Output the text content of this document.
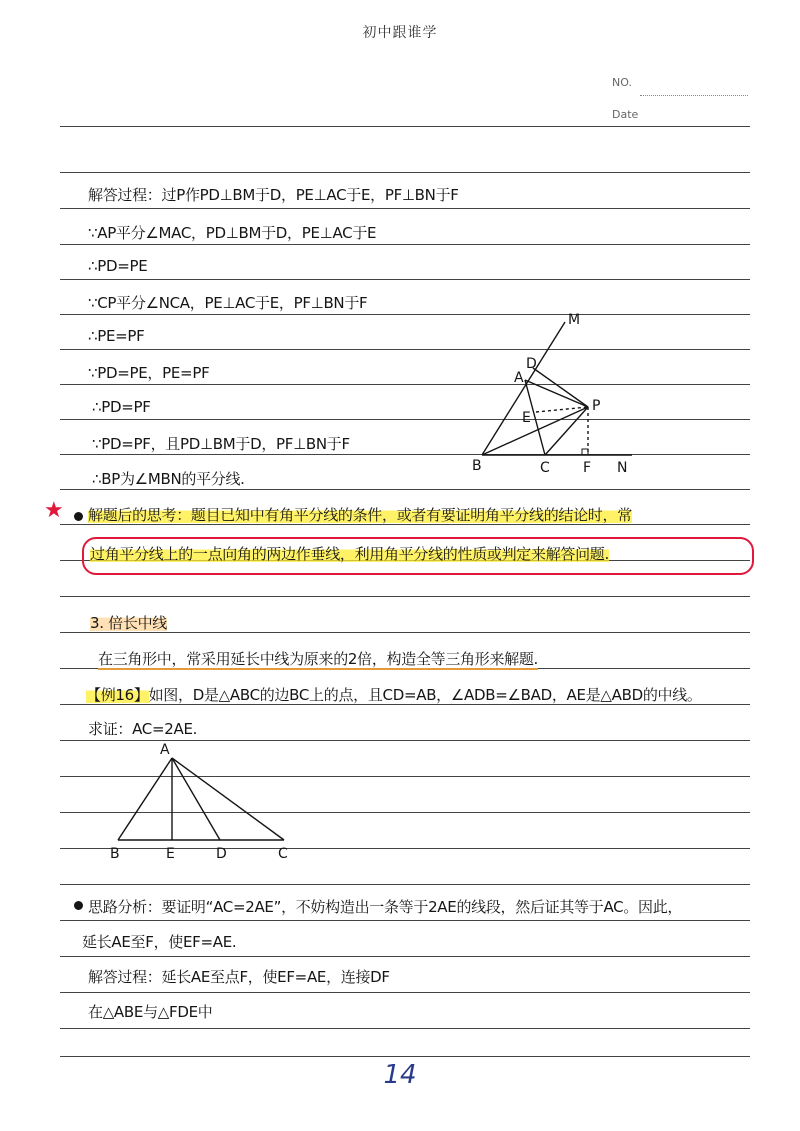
初中跟谁学
NO.
Date
解答过程：过P作PD⊥BM于D，PE⊥AC于E，PF⊥BN于F
∵AP平分∠MAC，PD⊥BM于D，PE⊥AC于E
∴PD=PE
∵CP平分∠NCA，PE⊥AC于E，PF⊥BN于F
∴PE=PF
∵PD=PE，PE=PF
∴PD=PF
∵PD=PF，且PD⊥BM于D，PF⊥BN于F
∴BP为∠MBN的平分线.
M
D
A
E
P
B	C F N
★ 解题后的思考：题目已知中有角平分线的条件，或者有要证明角平分线的结论时，常
过角平分线上的一点向角的两边作垂线，利用角平分线的性质或判定来解答问题.
3. 倍长中线
在三角形中，常采用延长中线为原来的2倍，构造全等三角形来解题.
【例16】如图，D是△ABC的边BC上的点，且CD=AB，∠ADB=∠BAD，AE是△ABD的中线。
求证：AC=2AE.
A
B	E	D	C
思路分析：要证明“AC=2AE”，不妨构造出一条等于2AE的线段，然后证其等于AC。因此，
延长AE至F，使EF=AE.
解答过程：延长AE至点F，使EF=AE，连接DF
在△ABE与△FDE中
14
